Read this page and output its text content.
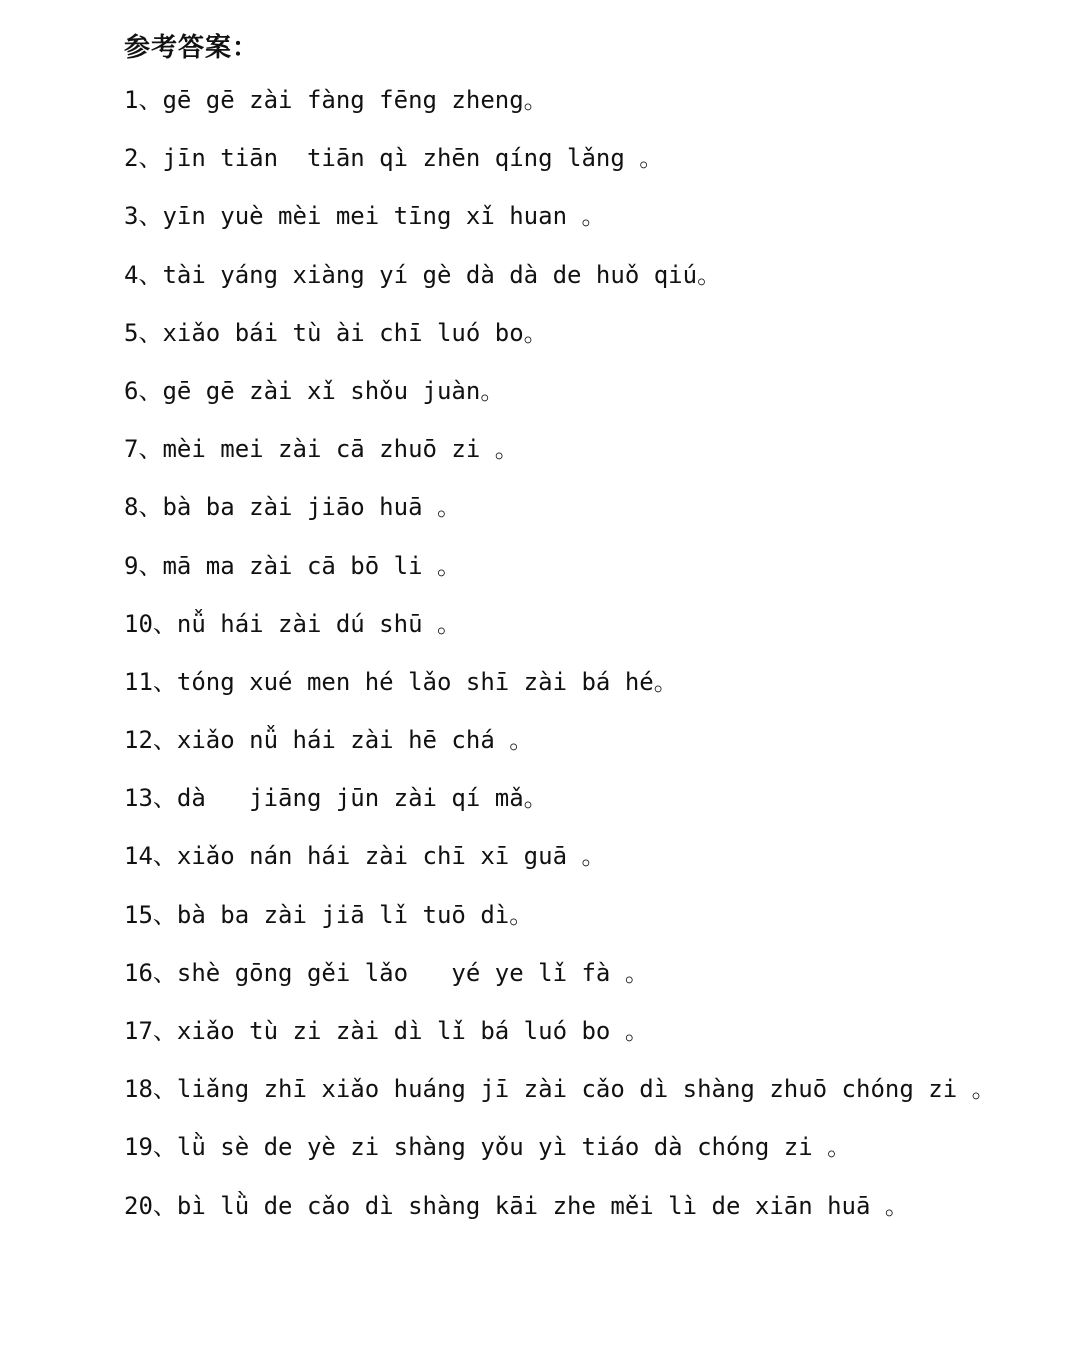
参考答案：
1、gē gē zài fàng fēng zheng。
2、jīn tiān  tiān qì zhēn qíng lǎng 。
3、yīn yuè mèi mei tīng xǐ huan 。
4、tài yáng xiàng yí gè dà dà de huǒ qiú。
5、xiǎo bái tù ài chī luó bo。
6、gē gē zài xǐ shǒu juàn。
7、mèi mei zài cā zhuō zi 。
8、bà ba zài jiāo huā 。
9、mā ma zài cā bō li 。
10、nǚ hái zài dú shū 。
11、tóng xué men hé lǎo shī zài bá hé。
12、xiǎo nǚ hái zài hē chá 。
13、dà   jiāng jūn zài qí mǎ。
14、xiǎo nán hái zài chī xī guā 。
15、bà ba zài jiā lǐ tuō dì。
16、shè gōng gěi lǎo   yé ye lǐ fà 。
17、xiǎo tù zi zài dì lǐ bá luó bo 。
18、liǎng zhī xiǎo huáng jī zài cǎo dì shàng zhuō chóng zi 。
19、lǜ sè de yè zi shàng yǒu yì tiáo dà chóng zi 。
20、bì lǜ de cǎo dì shàng kāi zhe měi lì de xiān huā 。
